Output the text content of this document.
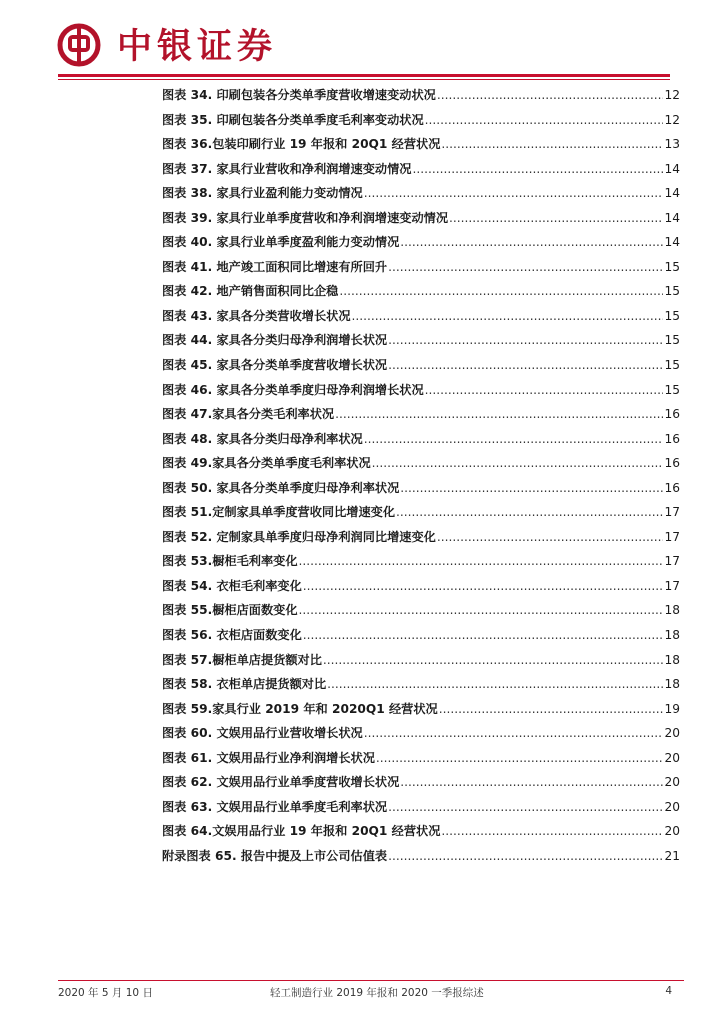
中银证券
图表 34. 印刷包装各分类单季度营收增速变动状况 .....	12
图表 35. 印刷包装各分类单季度毛利率变动状况 .....	12
图表 36.包装印刷行业 19 年报和 20Q1 经营状况 .....	13
图表 37. 家具行业营收和净利润增速变动情况 .....	14
图表 38. 家具行业盈利能力变动情况 .....	14
图表 39. 家具行业单季度营收和净利润增速变动情况 .....	14
图表 40. 家具行业单季度盈利能力变动情况 .....	14
图表 41. 地产竣工面积同比增速有所回升 .....	15
图表 42. 地产销售面积同比企稳 .....	15
图表 43. 家具各分类营收增长状况 .....	15
图表 44. 家具各分类归母净利润增长状况 .....	15
图表 45. 家具各分类单季度营收增长状况 .....	15
图表 46. 家具各分类单季度归母净利润增长状况 .....	15
图表 47.家具各分类毛利率状况 .....	16
图表 48. 家具各分类归母净利率状况 .....	16
图表 49.家具各分类单季度毛利率状况 .....	16
图表 50. 家具各分类单季度归母净利率状况 .....	16
图表 51.定制家具单季度营收同比增速变化 .....	17
图表 52. 定制家具单季度归母净利润同比增速变化 .....	17
图表 53.橱柜毛利率变化 .....	17
图表 54. 衣柜毛利率变化 .....	17
图表 55.橱柜店面数变化 .....	18
图表 56. 衣柜店面数变化 .....	18
图表 57.橱柜单店提货额对比 .....	18
图表 58. 衣柜单店提货额对比 .....	18
图表 59.家具行业 2019 年和 2020Q1 经营状况 .....	19
图表 60. 文娱用品行业营收增长状况 .....	20
图表 61. 文娱用品行业净利润增长状况 .....	20
图表 62. 文娱用品行业单季度营收增长状况 .....	20
图表 63. 文娱用品行业单季度毛利率状况 .....	20
图表 64.文娱用品行业 19 年报和 20Q1 经营状况 .....	20
附录图表 65. 报告中提及上市公司估值表 .....	21
2020 年 5 月 10 日	轻工制造行业 2019 年报和 2020 一季报综述	4
